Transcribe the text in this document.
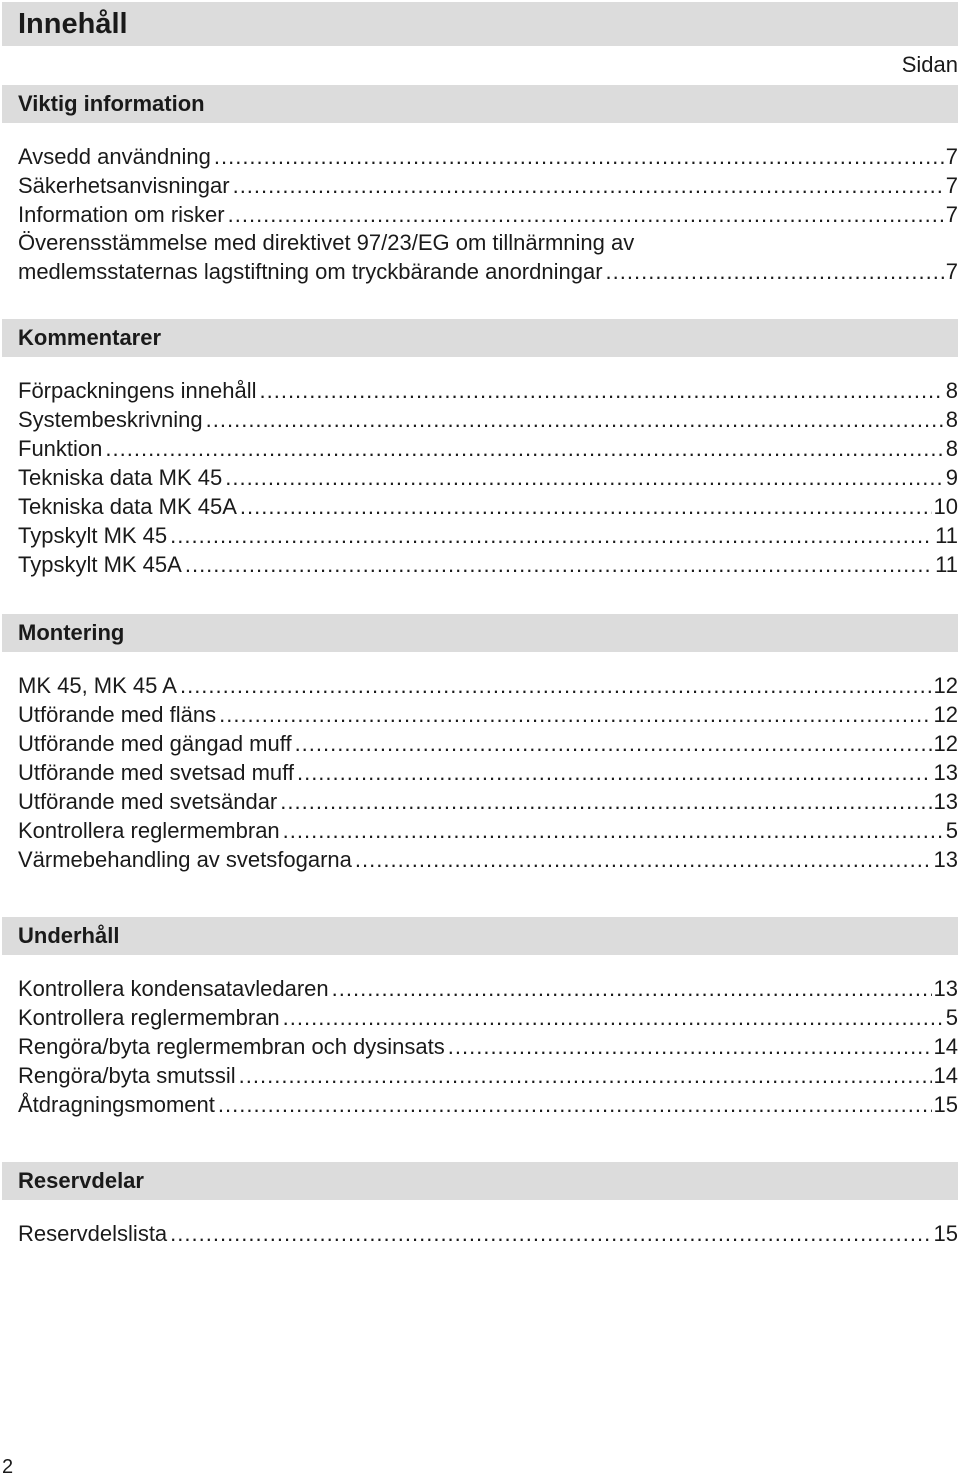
Innehåll
Sidan
Viktig information
Avsedd användning .....	7
Säkerhetsanvisningar .....	7
Information om risker .....	7
Överensstämmelse med direktivet 97/23/EG om tillnärmning av
medlemsstaternas lagstiftning om tryckbärande anordningar .....	7
Kommentarer
Förpackningens innehåll .....	8
Systembeskrivning .....	8
Funktion .....	8
Tekniska data MK 45 .....	9
Tekniska data MK 45A .....	10
Typskylt MK 45 .....	11
Typskylt MK 45A .....	11
Montering
MK 45, MK 45 A .....	12
Utförande med fläns .....	12
Utförande med gängad muff .....	12
Utförande med svetsad muff .....	13
Utförande med svetsändar .....	13
Kontrollera reglermembran .....	5
Värmebehandling av svetsfogarna .....	13
Underhåll
Kontrollera kondensatavledaren .....	13
Kontrollera reglermembran .....	5
Rengöra/byta reglermembran och dysinsats .....	14
Rengöra/byta smutssil .....	14
Åtdragningsmoment .....	15
Reservdelar
Reservdelslista .....	15
2
